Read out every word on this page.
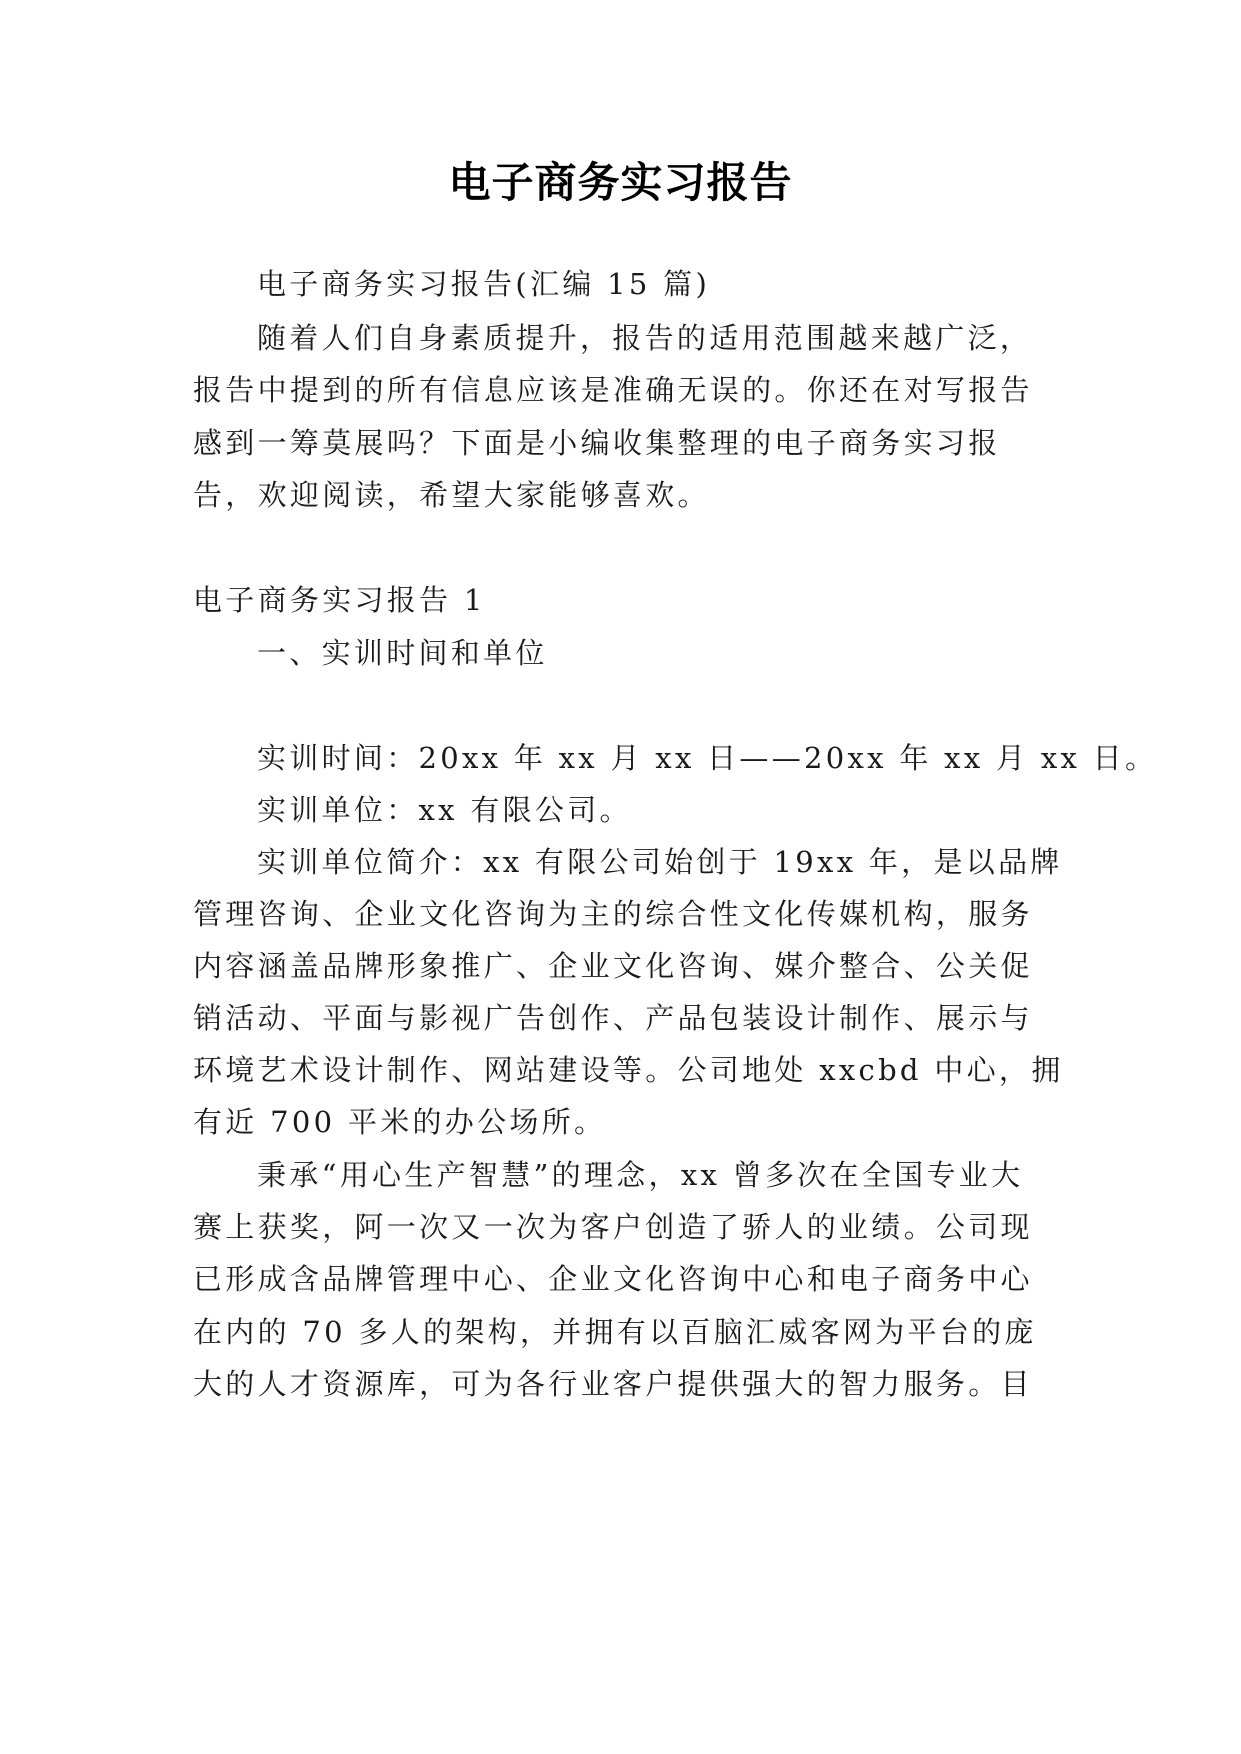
电子商务实习报告
电子商务实习报告(汇编 15 篇)
随着人们自身素质提升，报告的适用范围越来越广泛，
报告中提到的所有信息应该是准确无误的。你还在对写报告
感到一筹莫展吗？下面是小编收集整理的电子商务实习报
告，欢迎阅读，希望大家能够喜欢。
电子商务实习报告 1
一、实训时间和单位
实训时间：20xx 年 xx 月 xx 日——20xx 年 xx 月 xx 日。
实训单位：xx 有限公司。
实训单位简介：xx 有限公司始创于 19xx 年，是以品牌
管理咨询、企业文化咨询为主的综合性文化传媒机构，服务
内容涵盖品牌形象推广、企业文化咨询、媒介整合、公关促
销活动、平面与影视广告创作、产品包装设计制作、展示与
环境艺术设计制作、网站建设等。公司地处 xxcbd 中心，拥
有近 700 平米的办公场所。
秉承“用心生产智慧”的理念，xx 曾多次在全国专业大
赛上获奖，阿一次又一次为客户创造了骄人的业绩。公司现
已形成含品牌管理中心、企业文化咨询中心和电子商务中心
在内的 70 多人的架构，并拥有以百脑汇威客网为平台的庞
大的人才资源库，可为各行业客户提供强大的智力服务。目
